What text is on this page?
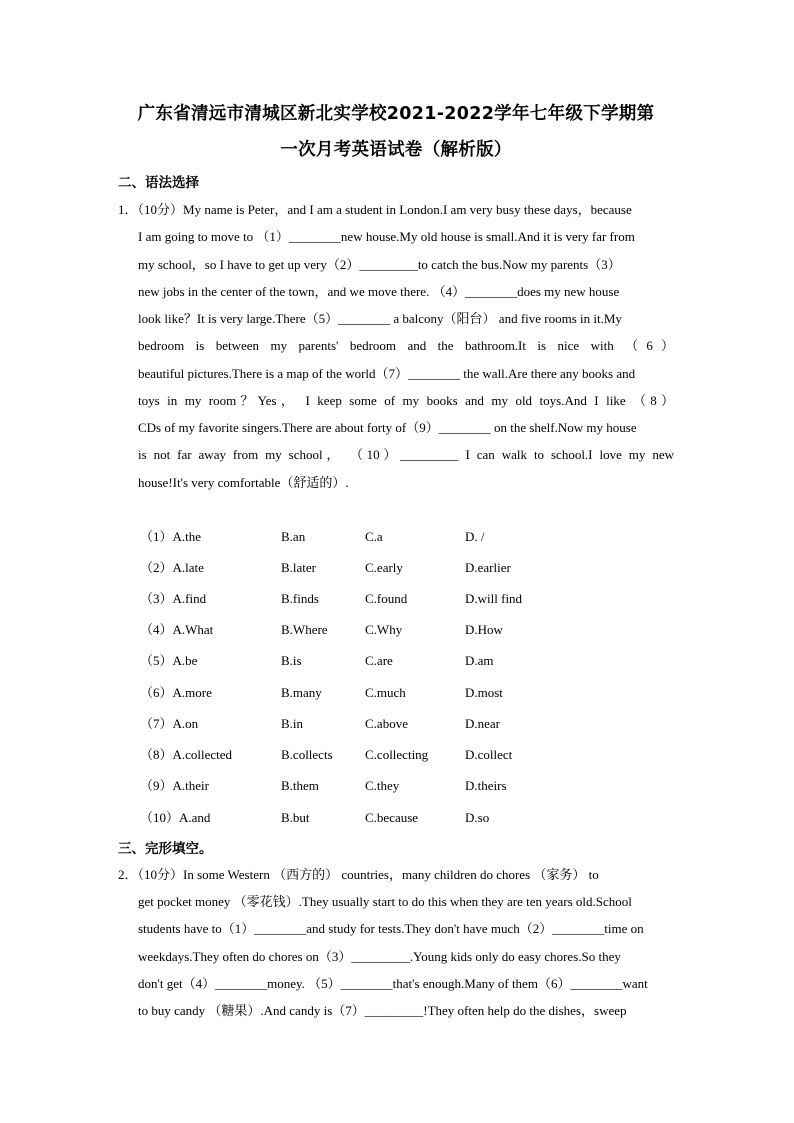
广东省清远市清城区新北实学校2021-2022学年七年级下学期第
一次月考英语试卷（解析版）
二、语法选择
1．（10分）My name is Peter，and I am a student in London.I am very busy these days，because
I am going to move to （1）________new house.My old house is small.And it is very far from
my school，so I have to get up very（2）_________to catch the bus.Now my parents（3）
new jobs in the center of the town，and we move there. （4）________does my new house
look like？It is very large.There（5）________ a balcony（阳台） and five rooms in it.My
bedroom is between my parents' bedroom and the bathroom.It is nice with （6）
beautiful pictures.There is a map of the world（7）________ the wall.Are there any books and
toys in my room？Yes， I keep some of my books and my old toys.And I like （8）
CDs of my favorite singers.There are about forty of（9）________ on the shelf.Now my house
is not far away from my school， （10）_________ I can walk to school.I love my new
house!It's very comfortable（舒适的）.
（1）A.the	B.an	C.a	D. /
（2）A.late	B.later	C.early	D.earlier
（3）A.find	B.finds	C.found	D.will find
（4）A.What	B.Where	C.Why	D.How
（5）A.be	B.is	C.are	D.am
（6）A.more	B.many	C.much	D.most
（7）A.on	B.in	C.above	D.near
（8）A.collected	B.collects C.collecting	D.collect
（9）A.their	B.them	C.they	D.theirs
（10）A.and	B.but	C.because	D.so
三、完形填空。
2．（10分）In some Western （西方的） countries，many children do chores （家务） to
get pocket money （零花钱）.They usually start to do this when they are ten years old.School
students have to（1）________and study for tests.They don't have much（2）________time on
weekdays.They often do chores on（3）_________.Young kids only do easy chores.So they
don't get（4）________money. （5）________that's enough.Many of them（6）________want
to buy candy （糖果）.And candy is（7）_________!They often help do the dishes，sweep
